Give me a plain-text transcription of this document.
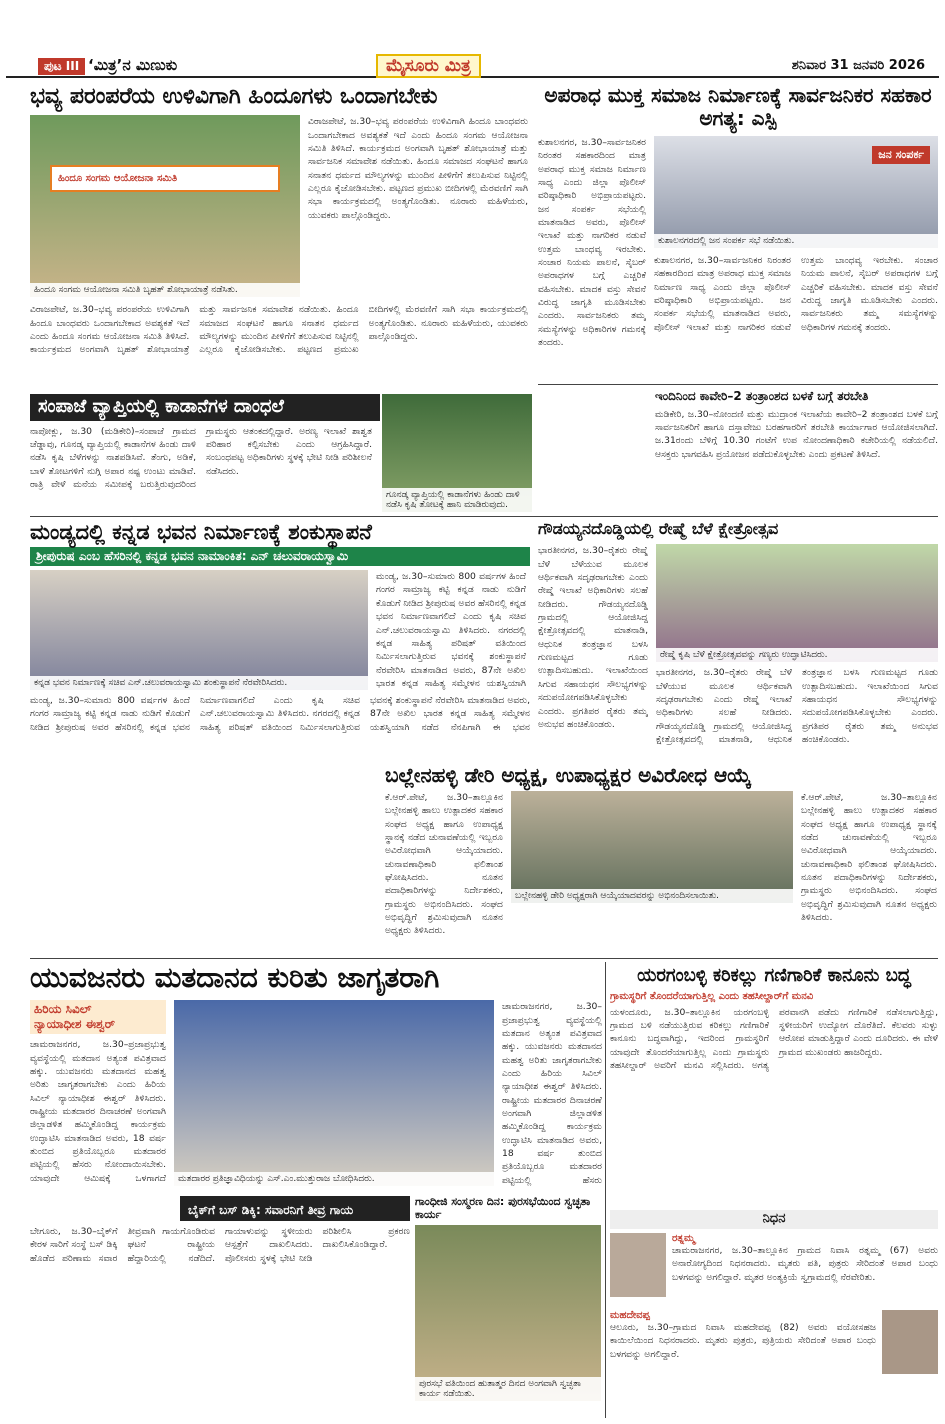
ಪುಟ III ‘ಮಿತ್ರ’ನ ಮಿಣುಕು	ಮೈಸೂರು ಮಿತ್ರ	ಶನಿವಾರ 31 ಜನವರಿ 2026
ಭವ್ಯ ಪರಂಪರೆಯ ಉಳಿವಿಗಾಗಿ ಹಿಂದೂಗಳು ಒಂದಾಗಬೇಕು
ಹಿಂದೂ ಸಂಗಮ ಆಯೋಜನಾ ಸಮಿತಿ
ಹಿಂದೂ ಸಂಗಮ ಆಯೋಜನಾ ಸಮಿತಿ ಬೃಹತ್ ಶೋಭಾಯಾತ್ರೆ ನಡೆಸಿತು.
ವಿರಾಜಪೇಟೆ, ಜ.30–ಭವ್ಯ ಪರಂಪರೆಯ ಉಳಿವಿಗಾಗಿ ಹಿಂದೂ ಬಾಂಧವರು ಒಂದಾಗಬೇಕಾದ ಅವಶ್ಯಕತೆ ಇದೆ ಎಂದು ಹಿಂದೂ ಸಂಗಮ ಆಯೋಜನಾ ಸಮಿತಿ ತಿಳಿಸಿದೆ. ಕಾರ್ಯಕ್ರಮದ ಅಂಗವಾಗಿ ಬೃಹತ್ ಶೋಭಾಯಾತ್ರೆ ಮತ್ತು ಸಾರ್ವಜನಿಕ ಸಮಾವೇಶ ನಡೆಯಿತು. ಹಿಂದೂ ಸಮಾಜದ ಸಂಘಟನೆ ಹಾಗೂ ಸನಾತನ ಧರ್ಮದ ಮೌಲ್ಯಗಳನ್ನು ಮುಂದಿನ ಪೀಳಿಗೆಗೆ ತಲುಪಿಸುವ ನಿಟ್ಟಿನಲ್ಲಿ ಎಲ್ಲರೂ ಕೈಜೋಡಿಸಬೇಕು. ಪಟ್ಟಣದ ಪ್ರಮುಖ ಬೀದಿಗಳಲ್ಲಿ ಮೆರವಣಿಗೆ ಸಾಗಿ ಸಭಾ ಕಾರ್ಯಕ್ರಮದಲ್ಲಿ ಅಂತ್ಯಗೊಂಡಿತು. ನೂರಾರು ಮಹಿಳೆಯರು, ಯುವಕರು ಪಾಲ್ಗೊಂಡಿದ್ದರು.
ವಿರಾಜಪೇಟೆ, ಜ.30–ಭವ್ಯ ಪರಂಪರೆಯ ಉಳಿವಿಗಾಗಿ ಹಿಂದೂ ಬಾಂಧವರು ಒಂದಾಗಬೇಕಾದ ಅವಶ್ಯಕತೆ ಇದೆ ಎಂದು ಹಿಂದೂ ಸಂಗಮ ಆಯೋಜನಾ ಸಮಿತಿ ತಿಳಿಸಿದೆ. ಕಾರ್ಯಕ್ರಮದ ಅಂಗವಾಗಿ ಬೃಹತ್ ಶೋಭಾಯಾತ್ರೆ ಮತ್ತು ಸಾರ್ವಜನಿಕ ಸಮಾವೇಶ ನಡೆಯಿತು. ಹಿಂದೂ ಸಮಾಜದ ಸಂಘಟನೆ ಹಾಗೂ ಸನಾತನ ಧರ್ಮದ ಮೌಲ್ಯಗಳನ್ನು ಮುಂದಿನ ಪೀಳಿಗೆಗೆ ತಲುಪಿಸುವ ನಿಟ್ಟಿನಲ್ಲಿ ಎಲ್ಲರೂ ಕೈಜೋಡಿಸಬೇಕು. ಪಟ್ಟಣದ ಪ್ರಮುಖ ಬೀದಿಗಳಲ್ಲಿ ಮೆರವಣಿಗೆ ಸಾಗಿ ಸಭಾ ಕಾರ್ಯಕ್ರಮದಲ್ಲಿ ಅಂತ್ಯಗೊಂಡಿತು. ನೂರಾರು ಮಹಿಳೆಯರು, ಯುವಕರು ಪಾಲ್ಗೊಂಡಿದ್ದರು.
ಅಪರಾಧ ಮುಕ್ತ ಸಮಾಜ ನಿರ್ಮಾಣಕ್ಕೆ ಸಾರ್ವಜನಿಕರ ಸಹಕಾರ ಅಗತ್ಯ: ಎಸ್ಪಿ
ಕುಶಾಲನಗರ, ಜ.30–ಸಾರ್ವಜನಿಕರ ನಿರಂತರ ಸಹಕಾರದಿಂದ ಮಾತ್ರ ಅಪರಾಧ ಮುಕ್ತ ಸಮಾಜ ನಿರ್ಮಾಣ ಸಾಧ್ಯ ಎಂದು ಜಿಲ್ಲಾ ಪೊಲೀಸ್ ವರಿಷ್ಠಾಧಿಕಾರಿ ಅಭಿಪ್ರಾಯಪಟ್ಟರು. ಜನ ಸಂಪರ್ಕ ಸಭೆಯಲ್ಲಿ ಮಾತನಾಡಿದ ಅವರು, ಪೊಲೀಸ್ ಇಲಾಖೆ ಮತ್ತು ನಾಗರಿಕರ ನಡುವೆ ಉತ್ತಮ ಬಾಂಧವ್ಯ ಇರಬೇಕು. ಸಂಚಾರ ನಿಯಮ ಪಾಲನೆ, ಸೈಬರ್ ಅಪರಾಧಗಳ ಬಗ್ಗೆ ಎಚ್ಚರಿಕೆ ವಹಿಸಬೇಕು. ಮಾದಕ ವಸ್ತು ಸೇವನೆ ವಿರುದ್ಧ ಜಾಗೃತಿ ಮೂಡಿಸಬೇಕು ಎಂದರು. ಸಾರ್ವಜನಿಕರು ತಮ್ಮ ಸಮಸ್ಯೆಗಳನ್ನು ಅಧಿಕಾರಿಗಳ ಗಮನಕ್ಕೆ ತಂದರು.
ಜನ ಸಂಪರ್ಕ
ಕುಶಾಲನಗರದಲ್ಲಿ ಜನ ಸಂಪರ್ಕ ಸಭೆ ನಡೆಯಿತು.
ಕುಶಾಲನಗರ, ಜ.30–ಸಾರ್ವಜನಿಕರ ನಿರಂತರ ಸಹಕಾರದಿಂದ ಮಾತ್ರ ಅಪರಾಧ ಮುಕ್ತ ಸಮಾಜ ನಿರ್ಮಾಣ ಸಾಧ್ಯ ಎಂದು ಜಿಲ್ಲಾ ಪೊಲೀಸ್ ವರಿಷ್ಠಾಧಿಕಾರಿ ಅಭಿಪ್ರಾಯಪಟ್ಟರು. ಜನ ಸಂಪರ್ಕ ಸಭೆಯಲ್ಲಿ ಮಾತನಾಡಿದ ಅವರು, ಪೊಲೀಸ್ ಇಲಾಖೆ ಮತ್ತು ನಾಗರಿಕರ ನಡುವೆ ಉತ್ತಮ ಬಾಂಧವ್ಯ ಇರಬೇಕು. ಸಂಚಾರ ನಿಯಮ ಪಾಲನೆ, ಸೈಬರ್ ಅಪರಾಧಗಳ ಬಗ್ಗೆ ಎಚ್ಚರಿಕೆ ವಹಿಸಬೇಕು. ಮಾದಕ ವಸ್ತು ಸೇವನೆ ವಿರುದ್ಧ ಜಾಗೃತಿ ಮೂಡಿಸಬೇಕು ಎಂದರು. ಸಾರ್ವಜನಿಕರು ತಮ್ಮ ಸಮಸ್ಯೆಗಳನ್ನು ಅಧಿಕಾರಿಗಳ ಗಮನಕ್ಕೆ ತಂದರು.
ಇಂದಿನಿಂದ ಕಾವೇರಿ–2 ತಂತ್ರಾಂಶದ ಬಳಕೆ ಬಗ್ಗೆ ತರಬೇತಿ
ಮಡಿಕೇರಿ, ಜ.30–ನೋಂದಣಿ ಮತ್ತು ಮುದ್ರಾಂಕ ಇಲಾಖೆಯ ಕಾವೇರಿ–2 ತಂತ್ರಾಂಶದ ಬಳಕೆ ಬಗ್ಗೆ ಸಾರ್ವಜನಿಕರಿಗೆ ಹಾಗೂ ದಸ್ತಾವೇಜು ಬರಹಗಾರರಿಗೆ ತರಬೇತಿ ಕಾರ್ಯಾಗಾರ ಆಯೋಜಿಸಲಾಗಿದೆ. ಜ.31ರಂದು ಬೆಳಿಗ್ಗೆ 10.30 ಗಂಟೆಗೆ ಉಪ ನೋಂದಣಾಧಿಕಾರಿ ಕಚೇರಿಯಲ್ಲಿ ನಡೆಯಲಿದೆ. ಆಸಕ್ತರು ಭಾಗವಹಿಸಿ ಪ್ರಯೋಜನ ಪಡೆದುಕೊಳ್ಳಬೇಕು ಎಂದು ಪ್ರಕಟಣೆ ತಿಳಿಸಿದೆ.
ಸಂಪಾಜೆ ವ್ಯಾಪ್ತಿಯಲ್ಲಿ ಕಾಡಾನೆಗಳ ದಾಂಧಲೆ
ನಾಪೋಕ್ಲು, ಜ.30 (ಮಡಿಕೇರಿ)–ಸಂಪಾಜೆ ಗ್ರಾಮದ ಚೆಡ್ಡಾವು, ಗೂನಡ್ಕ ವ್ಯಾಪ್ತಿಯಲ್ಲಿ ಕಾಡಾನೆಗಳ ಹಿಂಡು ದಾಳಿ ನಡೆಸಿ ಕೃಷಿ ಬೆಳೆಗಳನ್ನು ನಾಶಪಡಿಸಿವೆ. ತೆಂಗು, ಅಡಿಕೆ, ಬಾಳೆ ತೋಟಗಳಿಗೆ ನುಗ್ಗಿ ಅಪಾರ ನಷ್ಟ ಉಂಟು ಮಾಡಿವೆ. ರಾತ್ರಿ ವೇಳೆ ಮನೆಯ ಸಮೀಪಕ್ಕೆ ಬರುತ್ತಿರುವುದರಿಂದ ಗ್ರಾಮಸ್ಥರು ಆತಂಕದಲ್ಲಿದ್ದಾರೆ. ಅರಣ್ಯ ಇಲಾಖೆ ಶಾಶ್ವತ ಪರಿಹಾರ ಕಲ್ಪಿಸಬೇಕು ಎಂದು ಆಗ್ರಹಿಸಿದ್ದಾರೆ. ಸಂಬಂಧಪಟ್ಟ ಅಧಿಕಾರಿಗಳು ಸ್ಥಳಕ್ಕೆ ಭೇಟಿ ನೀಡಿ ಪರಿಶೀಲನೆ ನಡೆಸಿದರು.
ಗೂನಡ್ಕ ವ್ಯಾಪ್ತಿಯಲ್ಲಿ ಕಾಡಾನೆಗಳು ಹಿಂಡು ದಾಳಿ ನಡೆಸಿ ಕೃಷಿ ತೋಟಕ್ಕೆ ಹಾನಿ ಮಾಡಿರುವುದು.
ಮಂಡ್ಯದಲ್ಲಿ ಕನ್ನಡ ಭವನ ನಿರ್ಮಾಣಕ್ಕೆ ಶಂಕುಸ್ಥಾಪನೆ
ಶ್ರೀಪುರುಷ ಎಂಬ ಹೆಸರಿನಲ್ಲಿ ಕನ್ನಡ ಭವನ ನಾಮಾಂಕಿತ: ಎನ್ ಚಲುವರಾಯಸ್ವಾಮಿ
ಕನ್ನಡ ಭವನ ನಿರ್ಮಾಣಕ್ಕೆ ಸಚಿವ ಎನ್.ಚಲುವರಾಯಸ್ವಾಮಿ ಶಂಕುಸ್ಥಾಪನೆ ನೆರವೇರಿಸಿದರು.
ಮಂಡ್ಯ, ಜ.30–ಸುಮಾರು 800 ವರ್ಷಗಳ ಹಿಂದೆ ಗಂಗರ ಸಾಮ್ರಾಜ್ಯ ಕಟ್ಟಿ ಕನ್ನಡ ನಾಡು ನುಡಿಗೆ ಕೊಡುಗೆ ನೀಡಿದ ಶ್ರೀಪುರುಷ ಅವರ ಹೆಸರಿನಲ್ಲಿ ಕನ್ನಡ ಭವನ ನಿರ್ಮಾಣವಾಗಲಿದೆ ಎಂದು ಕೃಷಿ ಸಚಿವ ಎನ್.ಚಲುವರಾಯಸ್ವಾಮಿ ತಿಳಿಸಿದರು. ನಗರದಲ್ಲಿ ಕನ್ನಡ ಸಾಹಿತ್ಯ ಪರಿಷತ್ ವತಿಯಿಂದ ನಿರ್ಮಿಸಲಾಗುತ್ತಿರುವ ಭವನಕ್ಕೆ ಶಂಕುಸ್ಥಾಪನೆ ನೆರವೇರಿಸಿ ಮಾತನಾಡಿದ ಅವರು, 87ನೇ ಅಖಿಲ ಭಾರತ ಕನ್ನಡ ಸಾಹಿತ್ಯ ಸಮ್ಮೇಳನ ಯಶಸ್ವಿಯಾಗಿ
ಮಂಡ್ಯ, ಜ.30–ಸುಮಾರು 800 ವರ್ಷಗಳ ಹಿಂದೆ ಗಂಗರ ಸಾಮ್ರಾಜ್ಯ ಕಟ್ಟಿ ಕನ್ನಡ ನಾಡು ನುಡಿಗೆ ಕೊಡುಗೆ ನೀಡಿದ ಶ್ರೀಪುರುಷ ಅವರ ಹೆಸರಿನಲ್ಲಿ ಕನ್ನಡ ಭವನ ನಿರ್ಮಾಣವಾಗಲಿದೆ ಎಂದು ಕೃಷಿ ಸಚಿವ ಎನ್.ಚಲುವರಾಯಸ್ವಾಮಿ ತಿಳಿಸಿದರು. ನಗರದಲ್ಲಿ ಕನ್ನಡ ಸಾಹಿತ್ಯ ಪರಿಷತ್ ವತಿಯಿಂದ ನಿರ್ಮಿಸಲಾಗುತ್ತಿರುವ ಭವನಕ್ಕೆ ಶಂಕುಸ್ಥಾಪನೆ ನೆರವೇರಿಸಿ ಮಾತನಾಡಿದ ಅವರು, 87ನೇ ಅಖಿಲ ಭಾರತ ಕನ್ನಡ ಸಾಹಿತ್ಯ ಸಮ್ಮೇಳನ ಯಶಸ್ವಿಯಾಗಿ ನಡೆದ ನೆನಪಿಗಾಗಿ ಈ ಭವನ
ಗೌಡಯ್ಯನದೊಡ್ಡಿಯಲ್ಲಿ ರೇಷ್ಮೆ ಬೆಳೆ ಕ್ಷೇತ್ರೋತ್ಸವ
ಭಾರತೀನಗರ, ಜ.30–ರೈತರು ರೇಷ್ಮೆ ಬೆಳೆ ಬೆಳೆಯುವ ಮೂಲಕ ಆರ್ಥಿಕವಾಗಿ ಸದೃಢರಾಗಬೇಕು ಎಂದು ರೇಷ್ಮೆ ಇಲಾಖೆ ಅಧಿಕಾರಿಗಳು ಸಲಹೆ ನೀಡಿದರು. ಗೌಡಯ್ಯನದೊಡ್ಡಿ ಗ್ರಾಮದಲ್ಲಿ ಆಯೋಜಿಸಿದ್ದ ಕ್ಷೇತ್ರೋತ್ಸವದಲ್ಲಿ ಮಾತನಾಡಿ, ಆಧುನಿಕ ತಂತ್ರಜ್ಞಾನ ಬಳಸಿ ಗುಣಮಟ್ಟದ ಗೂಡು ಉತ್ಪಾದಿಸಬಹುದು. ಇಲಾಖೆಯಿಂದ ಸಿಗುವ ಸಹಾಯಧನ ಸೌಲಭ್ಯಗಳನ್ನು ಸದುಪಯೋಗಪಡಿಸಿಕೊಳ್ಳಬೇಕು ಎಂದರು. ಪ್ರಗತಿಪರ ರೈತರು ತಮ್ಮ ಅನುಭವ ಹಂಚಿಕೊಂಡರು.
ರೇಷ್ಮೆ ಕೃಷಿ ಬೆಳೆ ಕ್ಷೇತ್ರೋತ್ಸವವನ್ನು ಗಣ್ಯರು ಉದ್ಘಾಟಿಸಿದರು.
ಭಾರತೀನಗರ, ಜ.30–ರೈತರು ರೇಷ್ಮೆ ಬೆಳೆ ಬೆಳೆಯುವ ಮೂಲಕ ಆರ್ಥಿಕವಾಗಿ ಸದೃಢರಾಗಬೇಕು ಎಂದು ರೇಷ್ಮೆ ಇಲಾಖೆ ಅಧಿಕಾರಿಗಳು ಸಲಹೆ ನೀಡಿದರು. ಗೌಡಯ್ಯನದೊಡ್ಡಿ ಗ್ರಾಮದಲ್ಲಿ ಆಯೋಜಿಸಿದ್ದ ಕ್ಷೇತ್ರೋತ್ಸವದಲ್ಲಿ ಮಾತನಾಡಿ, ಆಧುನಿಕ ತಂತ್ರಜ್ಞಾನ ಬಳಸಿ ಗುಣಮಟ್ಟದ ಗೂಡು ಉತ್ಪಾದಿಸಬಹುದು. ಇಲಾಖೆಯಿಂದ ಸಿಗುವ ಸಹಾಯಧನ ಸೌಲಭ್ಯಗಳನ್ನು ಸದುಪಯೋಗಪಡಿಸಿಕೊಳ್ಳಬೇಕು ಎಂದರು. ಪ್ರಗತಿಪರ ರೈತರು ತಮ್ಮ ಅನುಭವ ಹಂಚಿಕೊಂಡರು.
ಬಲ್ಲೇನಹಳ್ಳಿ ಡೇರಿ ಅಧ್ಯಕ್ಷ, ಉಪಾಧ್ಯಕ್ಷರ ಅವಿರೋಧ ಆಯ್ಕೆ
ಕೆ.ಆರ್.ಪೇಟೆ, ಜ.30–ತಾಲ್ಲೂಕಿನ ಬಲ್ಲೇನಹಳ್ಳಿ ಹಾಲು ಉತ್ಪಾದಕರ ಸಹಕಾರ ಸಂಘದ ಅಧ್ಯಕ್ಷ ಹಾಗೂ ಉಪಾಧ್ಯಕ್ಷ ಸ್ಥಾನಕ್ಕೆ ನಡೆದ ಚುನಾವಣೆಯಲ್ಲಿ ಇಬ್ಬರೂ ಅವಿರೋಧವಾಗಿ ಆಯ್ಕೆಯಾದರು. ಚುನಾವಣಾಧಿಕಾರಿ ಫಲಿತಾಂಶ ಘೋಷಿಸಿದರು. ನೂತನ ಪದಾಧಿಕಾರಿಗಳನ್ನು ನಿರ್ದೇಶಕರು, ಗ್ರಾಮಸ್ಥರು ಅಭಿನಂದಿಸಿದರು. ಸಂಘದ ಅಭಿವೃದ್ಧಿಗೆ ಶ್ರಮಿಸುವುದಾಗಿ ನೂತನ ಅಧ್ಯಕ್ಷರು ತಿಳಿಸಿದರು.
ಬಲ್ಲೇನಹಳ್ಳಿ ಡೇರಿ ಅಧ್ಯಕ್ಷರಾಗಿ ಆಯ್ಕೆಯಾದವರನ್ನು ಅಭಿನಂದಿಸಲಾಯಿತು.
ಕೆ.ಆರ್.ಪೇಟೆ, ಜ.30–ತಾಲ್ಲೂಕಿನ ಬಲ್ಲೇನಹಳ್ಳಿ ಹಾಲು ಉತ್ಪಾದಕರ ಸಹಕಾರ ಸಂಘದ ಅಧ್ಯಕ್ಷ ಹಾಗೂ ಉಪಾಧ್ಯಕ್ಷ ಸ್ಥಾನಕ್ಕೆ ನಡೆದ ಚುನಾವಣೆಯಲ್ಲಿ ಇಬ್ಬರೂ ಅವಿರೋಧವಾಗಿ ಆಯ್ಕೆಯಾದರು. ಚುನಾವಣಾಧಿಕಾರಿ ಫಲಿತಾಂಶ ಘೋಷಿಸಿದರು. ನೂತನ ಪದಾಧಿಕಾರಿಗಳನ್ನು ನಿರ್ದೇಶಕರು, ಗ್ರಾಮಸ್ಥರು ಅಭಿನಂದಿಸಿದರು. ಸಂಘದ ಅಭಿವೃದ್ಧಿಗೆ ಶ್ರಮಿಸುವುದಾಗಿ ನೂತನ ಅಧ್ಯಕ್ಷರು ತಿಳಿಸಿದರು.
ಯುವಜನರು ಮತದಾನದ ಕುರಿತು ಜಾಗೃತರಾಗಿ
ಹಿರಿಯ ಸಿವಿಲ್
ನ್ಯಾಯಾಧೀಶ ಈಶ್ವರ್
ಚಾಮರಾಜನಗರ, ಜ.30–ಪ್ರಜಾಪ್ರಭುತ್ವ ವ್ಯವಸ್ಥೆಯಲ್ಲಿ ಮತದಾನ ಅತ್ಯಂತ ಪವಿತ್ರವಾದ ಹಕ್ಕು. ಯುವಜನರು ಮತದಾನದ ಮಹತ್ವ ಅರಿತು ಜಾಗೃತರಾಗಬೇಕು ಎಂದು ಹಿರಿಯ ಸಿವಿಲ್ ನ್ಯಾಯಾಧೀಶ ಈಶ್ವರ್ ತಿಳಿಸಿದರು. ರಾಷ್ಟ್ರೀಯ ಮತದಾರರ ದಿನಾಚರಣೆ ಅಂಗವಾಗಿ ಜಿಲ್ಲಾಡಳಿತ ಹಮ್ಮಿಕೊಂಡಿದ್ದ ಕಾರ್ಯಕ್ರಮ ಉದ್ಘಾಟಿಸಿ ಮಾತನಾಡಿದ ಅವರು, 18 ವರ್ಷ ತುಂಬಿದ ಪ್ರತಿಯೊಬ್ಬರೂ ಮತದಾರರ ಪಟ್ಟಿಯಲ್ಲಿ ಹೆಸರು ನೋಂದಾಯಿಸಬೇಕು. ಯಾವುದೇ ಆಮಿಷಕ್ಕೆ ಒಳಗಾಗದೆ	ಮತದಾರರ ಪ್ರತಿಜ್ಞಾವಿಧಿಯನ್ನು ಎಸ್.ಎಂ.ಮುತ್ತುರಾಜ ಬೋಧಿಸಿದರು.
ಚಾಮರಾಜನಗರ, ಜ.30–ಪ್ರಜಾಪ್ರಭುತ್ವ ವ್ಯವಸ್ಥೆಯಲ್ಲಿ ಮತದಾನ ಅತ್ಯಂತ ಪವಿತ್ರವಾದ ಹಕ್ಕು. ಯುವಜನರು ಮತದಾನದ ಮಹತ್ವ ಅರಿತು ಜಾಗೃತರಾಗಬೇಕು ಎಂದು ಹಿರಿಯ ಸಿವಿಲ್ ನ್ಯಾಯಾಧೀಶ ಈಶ್ವರ್ ತಿಳಿಸಿದರು. ರಾಷ್ಟ್ರೀಯ ಮತದಾರರ ದಿನಾಚರಣೆ ಅಂಗವಾಗಿ ಜಿಲ್ಲಾಡಳಿತ ಹಮ್ಮಿಕೊಂಡಿದ್ದ ಕಾರ್ಯಕ್ರಮ ಉದ್ಘಾಟಿಸಿ ಮಾತನಾಡಿದ ಅವರು, 18 ವರ್ಷ ತುಂಬಿದ ಪ್ರತಿಯೊಬ್ಬರೂ ಮತದಾರರ ಪಟ್ಟಿಯಲ್ಲಿ ಹೆಸರು
ಯರಗಂಬಳ್ಳಿ ಕರಿಕಲ್ಲು ಗಣಿಗಾರಿಕೆ ಕಾನೂನು ಬದ್ಧ
ಗ್ರಾಮಸ್ಥರಿಗೆ ತೊಂದರೆಯಾಗುತ್ತಿಲ್ಲ ಎಂದು ತಹಸೀಲ್ದಾರ್‌ಗೆ ಮನವಿ
ಯಳಂದೂರು, ಜ.30–ತಾಲ್ಲೂಕಿನ ಯರಗಂಬಳ್ಳಿ ಗ್ರಾಮದ ಬಳಿ ನಡೆಯುತ್ತಿರುವ ಕರಿಕಲ್ಲು ಗಣಿಗಾರಿಕೆ ಕಾನೂನು ಬದ್ಧವಾಗಿದ್ದು, ಇದರಿಂದ ಗ್ರಾಮಸ್ಥರಿಗೆ ಯಾವುದೇ ತೊಂದರೆಯಾಗುತ್ತಿಲ್ಲ ಎಂದು ಗ್ರಾಮಸ್ಥರು ತಹಸೀಲ್ದಾರ್ ಅವರಿಗೆ ಮನವಿ ಸಲ್ಲಿಸಿದರು. ಅಗತ್ಯ ಪರವಾನಗಿ ಪಡೆದು ಗಣಿಗಾರಿಕೆ ನಡೆಸಲಾಗುತ್ತಿದ್ದು, ಸ್ಥಳೀಯರಿಗೆ ಉದ್ಯೋಗ ದೊರೆತಿದೆ. ಕೆಲವರು ಸುಳ್ಳು ಆರೋಪ ಮಾಡುತ್ತಿದ್ದಾರೆ ಎಂದು ದೂರಿದರು. ಈ ವೇಳೆ ಗ್ರಾಮದ ಮುಖಂಡರು ಹಾಜರಿದ್ದರು.
ಬೈಕ್‌ಗೆ ಬಸ್ ಡಿಕ್ಕಿ: ಸವಾರನಿಗೆ ತೀವ್ರ ಗಾಯ
ಬೇಗೂರು, ಜ.30–ಬೈಕ್‌ಗೆ ಕೇರಳ ಸಾರಿಗೆ ಸಂಸ್ಥೆ ಬಸ್ ಡಿಕ್ಕಿ ಹೊಡೆದ ಪರಿಣಾಮ ಸವಾರ ತೀವ್ರವಾಗಿ ಗಾಯಗೊಂಡಿರುವ ಘಟನೆ ರಾಷ್ಟ್ರೀಯ ಹೆದ್ದಾರಿಯಲ್ಲಿ ನಡೆದಿದೆ. ಗಾಯಾಳುವನ್ನು ಸ್ಥಳೀಯರು ಆಸ್ಪತ್ರೆಗೆ ದಾಖಲಿಸಿದರು. ಪೊಲೀಸರು ಸ್ಥಳಕ್ಕೆ ಭೇಟಿ ನೀಡಿ ಪರಿಶೀಲಿಸಿ ಪ್ರಕರಣ ದಾಖಲಿಸಿಕೊಂಡಿದ್ದಾರೆ.
ಗಾಂಧೀಜಿ ಸಂಸ್ಮರಣ ದಿನ: ಪುರಸಭೆಯಿಂದ ಸ್ವಚ್ಛತಾ ಕಾರ್ಯ
ಪುರಸಭೆ ವತಿಯಿಂದ ಹುತಾತ್ಮರ ದಿನದ ಅಂಗವಾಗಿ ಸ್ವಚ್ಛತಾ ಕಾರ್ಯ ನಡೆಯಿತು.
ನಿಧನ
ರತ್ನಮ್ಮ
ಚಾಮರಾಜನಗರ, ಜ.30–ತಾಲ್ಲೂಕಿನ ಗ್ರಾಮದ ನಿವಾಸಿ ರತ್ನಮ್ಮ (67) ಅವರು ಅನಾರೋಗ್ಯದಿಂದ ನಿಧನರಾದರು. ಮೃತರು ಪತಿ, ಪುತ್ರರು ಸೇರಿದಂತೆ ಅಪಾರ ಬಂಧು ಬಳಗವನ್ನು ಅಗಲಿದ್ದಾರೆ. ಮೃತರ ಅಂತ್ಯಕ್ರಿಯೆ ಸ್ವಗ್ರಾಮದಲ್ಲಿ ನೆರವೇರಿತು.
ಮಹದೇವಪ್ಪ
ಆಲೂರು, ಜ.30–ಗ್ರಾಮದ ನಿವಾಸಿ ಮಹದೇವಪ್ಪ (82) ಅವರು ವಯೋಸಹಜ ಕಾಯಿಲೆಯಿಂದ ನಿಧನರಾದರು. ಮೃತರು ಪುತ್ರರು, ಪುತ್ರಿಯರು ಸೇರಿದಂತೆ ಅಪಾರ ಬಂಧು ಬಳಗವನ್ನು ಅಗಲಿದ್ದಾರೆ.
